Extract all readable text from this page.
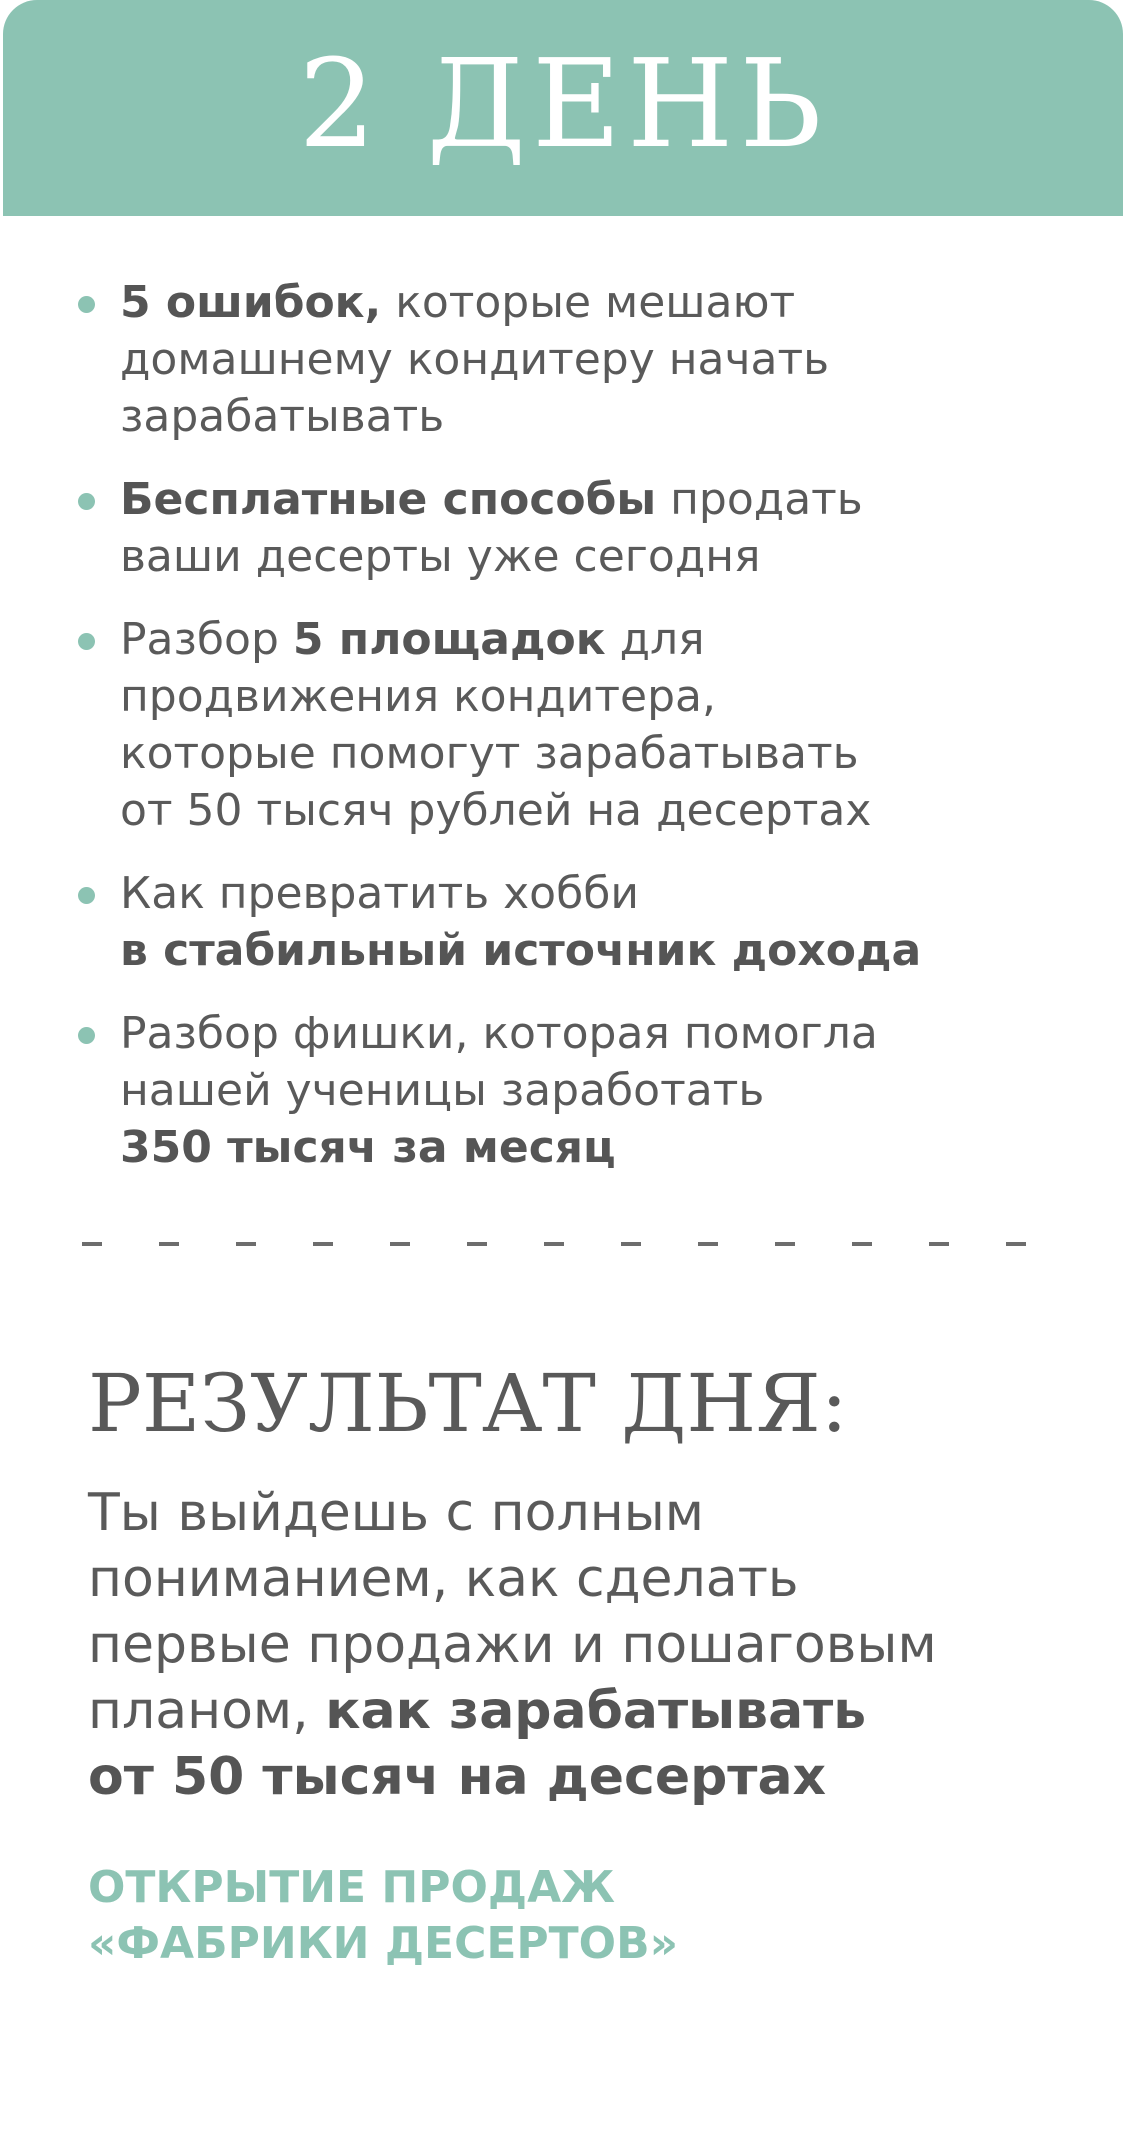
2 ДЕНЬ
5 ошибок, которые мешают
домашнему кондитеру начать
зарабатывать
Бесплатные способы продать
ваши десерты уже сегодня
Разбор 5 площадок для
продвижения кондитера,
которые помогут зарабатывать
от 50 тысяч рублей на десертах
Как превратить хобби
в стабильный источник дохода
Разбор фишки, которая помогла
нашей ученицы заработать
350 тысяч за месяц
РЕЗУЛЬТАТ ДНЯ:
Ты выйдешь с полным
пониманием, как сделать
первые продажи и пошаговым
планом, как зарабатывать
от 50 тысяч на десертах
ОТКРЫТИЕ ПРОДАЖ
«ФАБРИКИ ДЕСЕРТОВ»
